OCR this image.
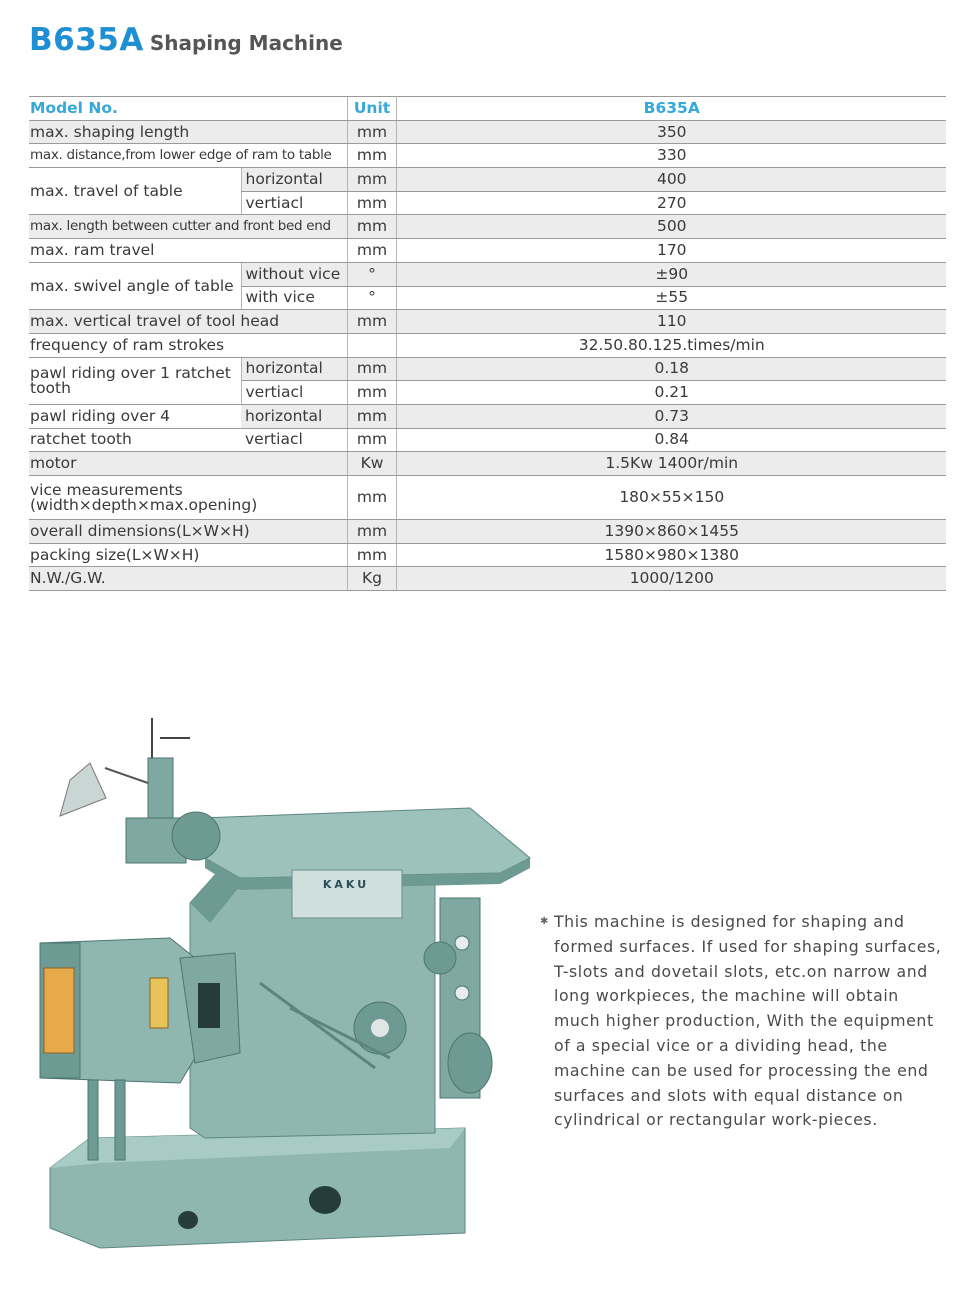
B635A Shaping Machine
Model No.		Unit	B635A
max. shaping length		mm	350
max. distance,from lower edge of ram to table		mm	330
max. travel of table	horizontal	mm	400
	vertiacl	mm	270
max. length between cutter and front bed end		mm	500
max. ram travel		mm	170
max. swivel angle of table	without vice	°	±90
	with vice	°	±55
max. vertical travel of tool head		mm	110
frequency of ram strokes			32.50.80.125.times/min
pawl riding over 1 ratchet tooth	horizontal	mm	0.18
	vertiacl	mm	0.21
pawl riding over 4	horizontal	mm	0.73
ratchet tooth	vertiacl	mm	0.84
motor		Kw	1.5Kw 1400r/min

vice measurements
(width×depth×max.opening)		mm	180×55×150
overall dimensions(L×W×H)		mm	1390×860×1455
packing size(L×W×H)		mm	1580×980×1380
N.W./G.W.		Kg	1000/1200
KAKU
✱ This machine is designed for shaping and formed surfaces. If used for shaping surfaces, T-slots and dovetail slots, etc.on narrow and long workpieces, the machine will obtain much higher production, With the equipment of a special vice or a dividing head, the machine can be used for processing the end surfaces and slots with equal distance on cylindrical or rectangular work-pieces.
